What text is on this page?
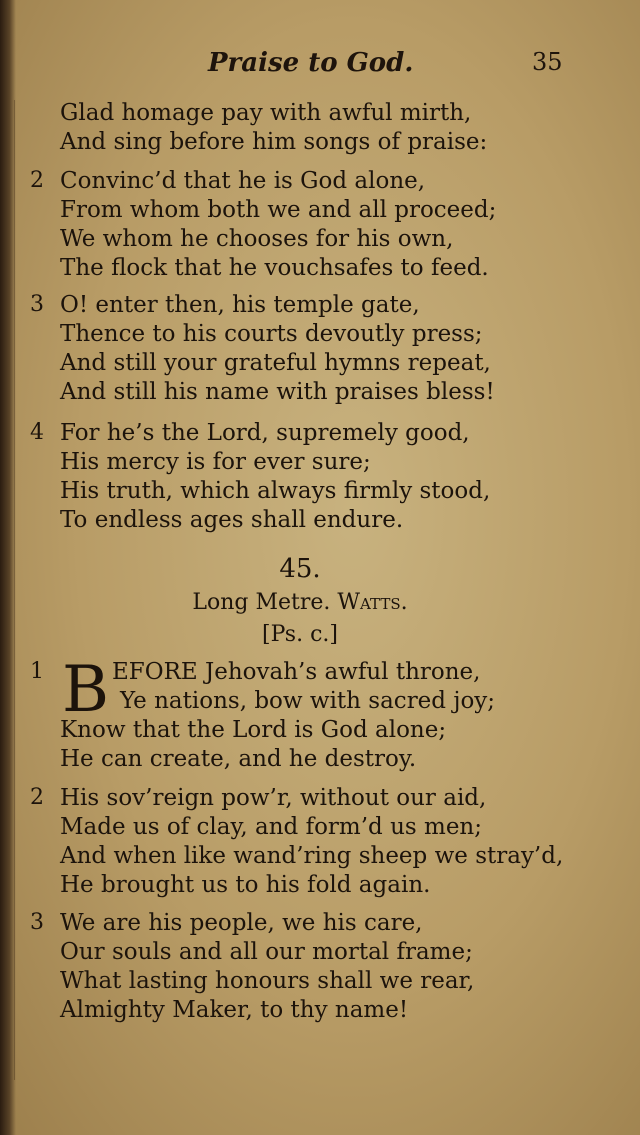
Praise to God.	35
Glad homage pay with awful mirth,
And sing before him songs of praise:
2 Convinc’d that he is God alone,
From whom both we and all proceed;
We whom he chooses for his own,
The flock that he vouchsafes to feed.
3 O! enter then, his temple gate,
Thence to his courts devoutly press;
And still your grateful hymns repeat,
And still his name with praises bless!
4 For he’s the Lord, supremely good,
His mercy is for ever sure;
His truth, which always firmly stood,
To endless ages shall endure.
45.
Long Metre. Watts.
[Ps. c.]
1 B EFORE Jehovah’s awful throne,
Ye nations, bow with sacred joy;
Know that the Lord is God alone;
He can create, and he destroy.
2 His sov’reign pow’r, without our aid,
Made us of clay, and form’d us men;
And when like wand’ring sheep we stray’d,
He brought us to his fold again.
3 We are his people, we his care,
Our souls and all our mortal frame;
What lasting honours shall we rear,
Almighty Maker, to thy name!
